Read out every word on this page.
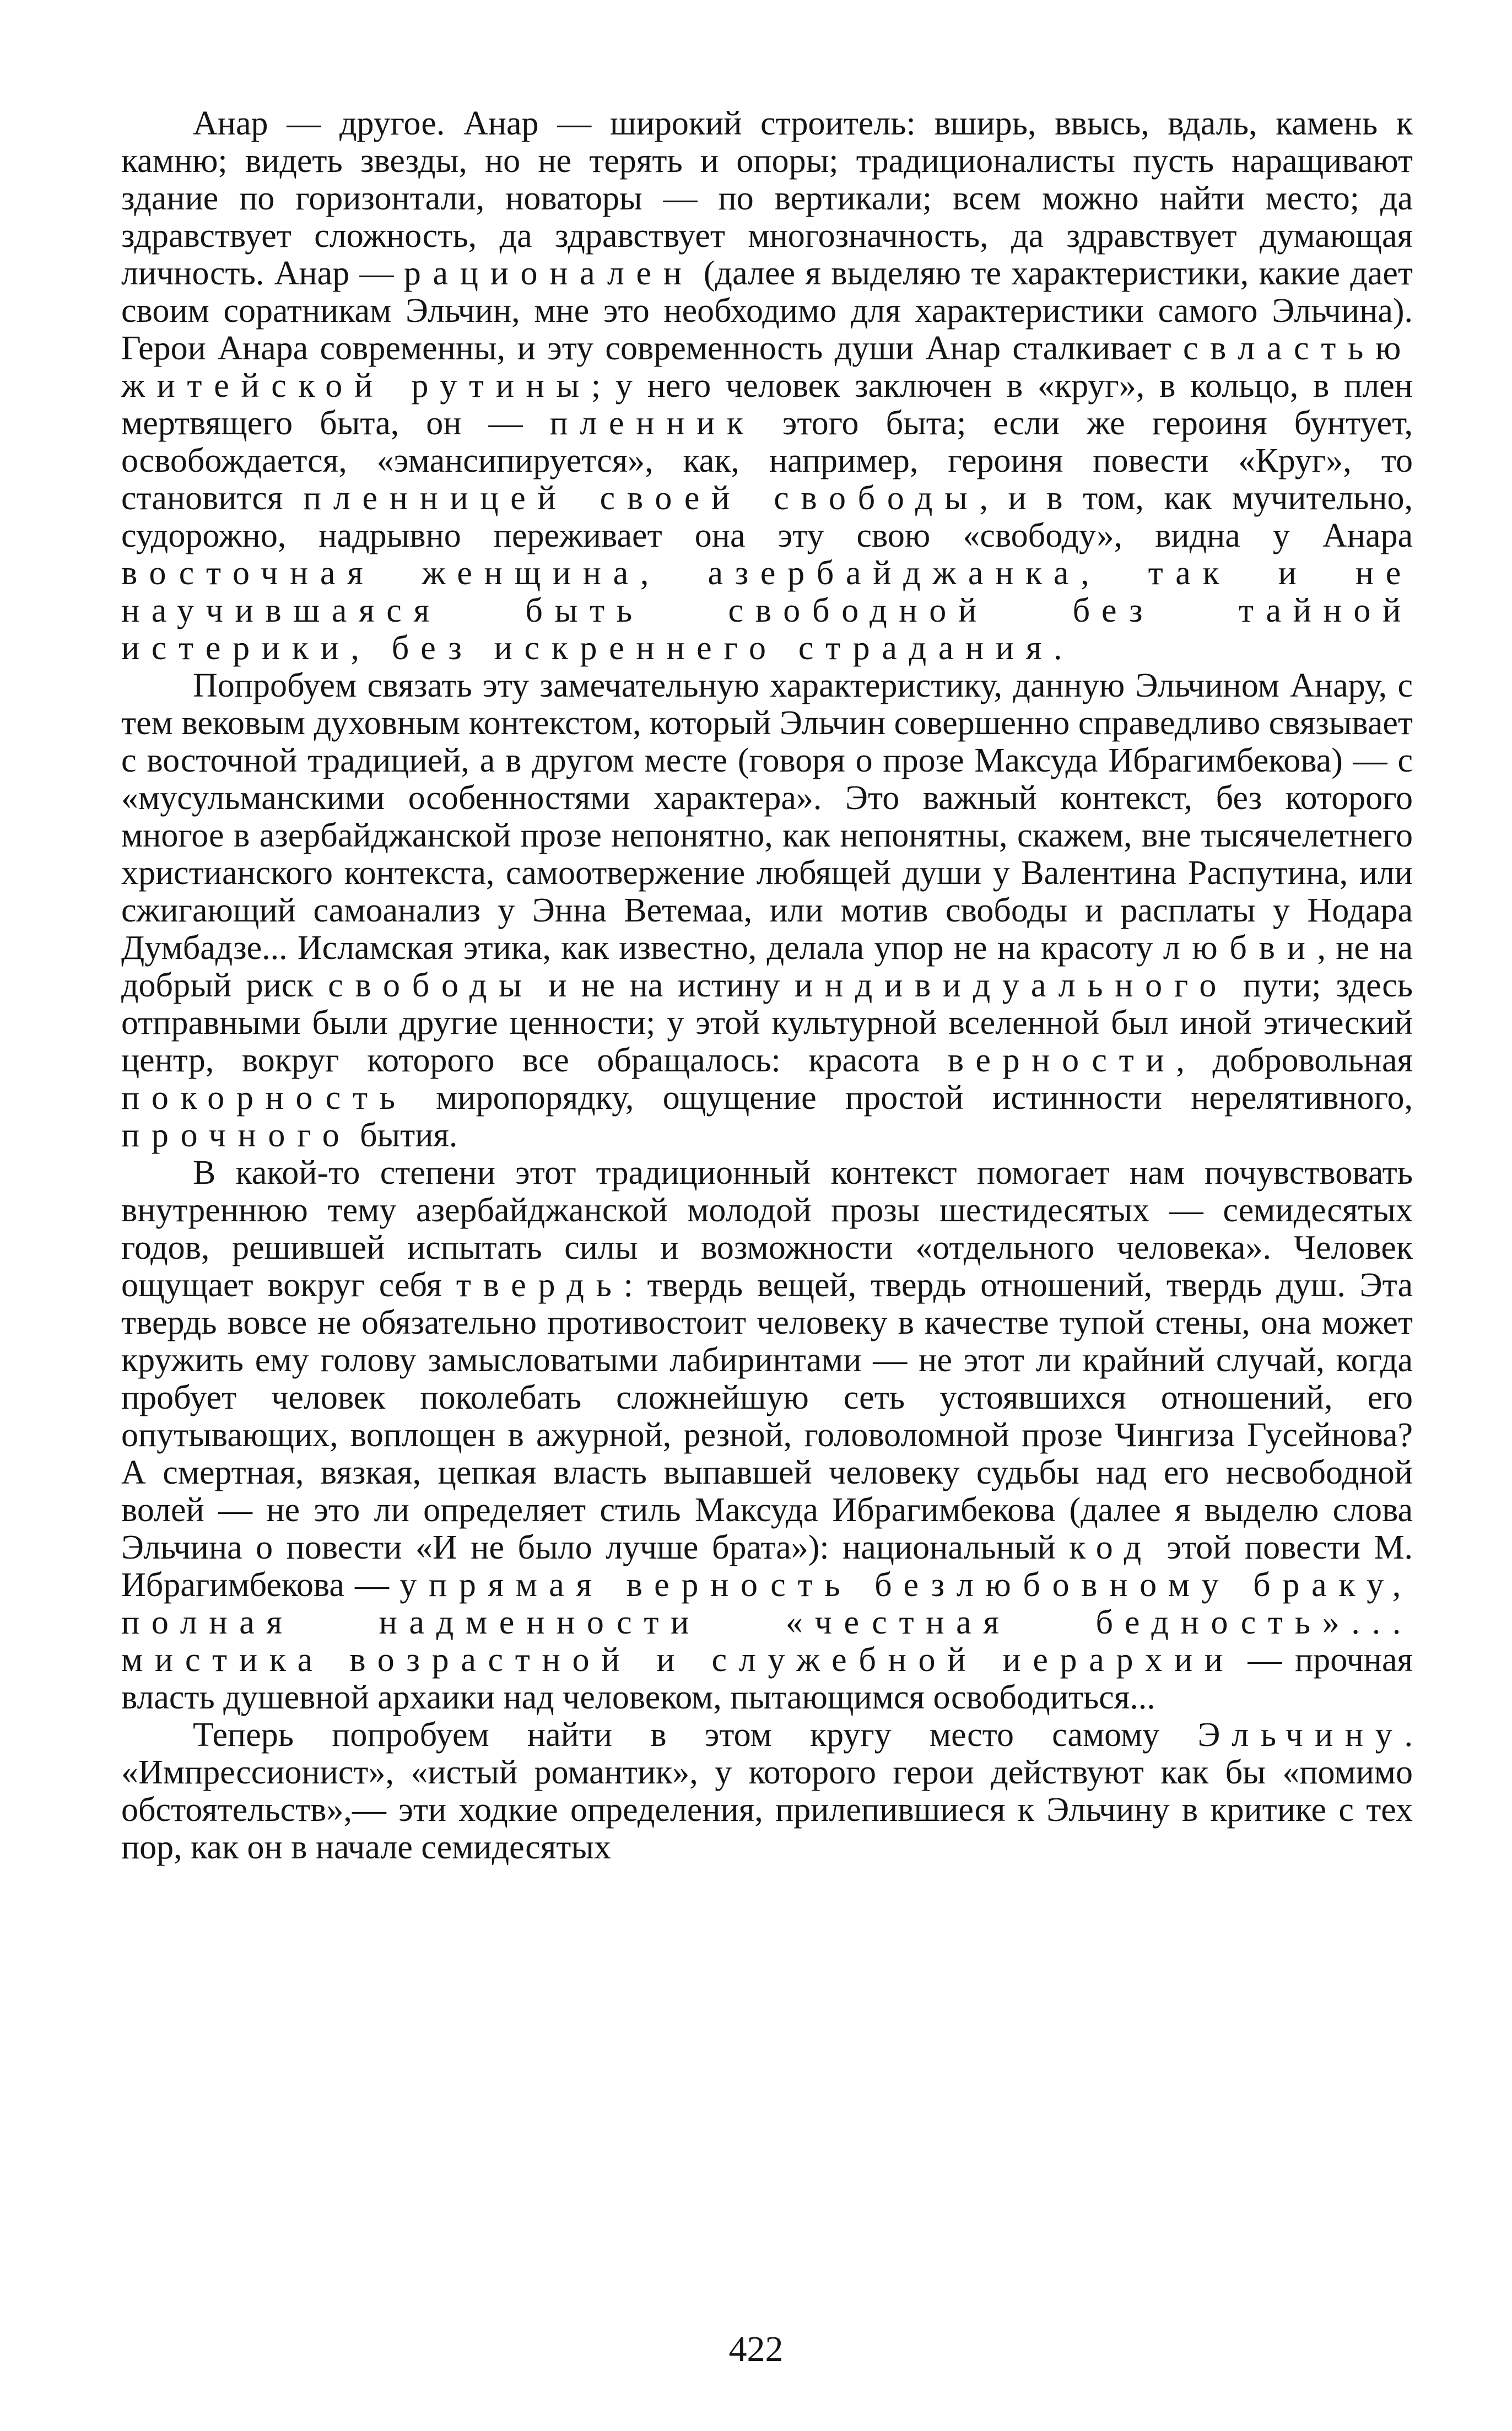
Анар — другое. Анар — широкий строитель: вширь, ввысь, вдаль, камень к камню; видеть звезды, но не терять и опоры; традиционалисты пусть наращивают здание по горизонтали, новаторы — по вертикали; всем можно найти место; да здравствует сложность, да здравствует многозначность, да здравствует думающая личность. Анар — рационален (далее я выделяю те характеристики, какие дает своим соратникам Эльчин, мне это необходимо для характеристики самого Эльчина). Герои Анара современны, и эту современность души Анар сталкивает с властью житейской рутины; у него человек заключен в «круг», в кольцо, в плен мертвящего быта, он — пленник этого быта; если же героиня бунтует, освобождается, «эмансипируется», как, например, героиня повести «Круг», то становится пленницей своей свободы, и в том, как мучительно, судорожно, надрывно переживает она эту свою «свободу», видна у Анара восточная женщина, азербайджанка, так и не научившаяся быть свободной без тайной истерики, без искреннего страдания.

Попробуем связать эту замечательную характеристику, данную Эльчином Анару, с тем вековым духовным контекстом, который Эльчин совершенно справедливо связывает с восточной традицией, а в другом месте (говоря о прозе Максуда Ибрагимбекова) — с «мусульманскими особенностями характера». Это важный контекст, без которого многое в азербайджанской прозе непонятно, как непонятны, скажем, вне тысячелетнего христианского контекста, самоотвержение любящей души у Валентина Распутина, или сжигающий самоанализ у Энна Ветемаа, или мотив свободы и расплаты у Нодара Думбадзе... Исламская этика, как известно, делала упор не на красоту любви, не на добрый риск свободы и не на истину индивидуального пути; здесь отправными были другие ценности; у этой культурной вселенной был иной этический центр, вокруг которого все обращалось: красота верности, добровольная покорность миропорядку, ощущение простой истинности нерелятивного, прочного бытия.

В какой-то степени этот традиционный контекст помогает нам почувствовать внутреннюю тему азербайджанской молодой прозы шестидесятых — семидесятых годов, решившей испытать силы и возможности «отдельного человека». Человек ощущает вокруг себя твердь: твердь вещей, твердь отношений, твердь душ. Эта твердь вовсе не обязательно противостоит человеку в качестве тупой стены, она может кружить ему голову замысловатыми лабиринтами — не этот ли крайний случай, когда пробует человек поколебать сложнейшую сеть устоявшихся отношений, его опутывающих, воплощен в ажурной, резной, головоломной прозе Чингиза Гусейнова? А смертная, вязкая, цепкая власть выпавшей человеку судьбы над его несвободной волей — не это ли определяет стиль Максуда Ибрагимбекова (далее я выделю слова Эльчина о повести «И не было лучше брата»): национальный код этой повести М. Ибрагимбекова — упрямая верность безлюбовному браку, полная надменности «честная бедность»... мистика возрастной и служебной иерархии — прочная власть душевной архаики над человеком, пытающимся освободиться...

Теперь попробуем найти в этом кругу место самому Эльчину. «Импрессионист», «истый романтик», у которого герои действуют как бы «помимо обстоятельств»,— эти ходкие определения, прилепившиеся к Эльчину в критике с тех пор, как он в начале семидесятых

422
